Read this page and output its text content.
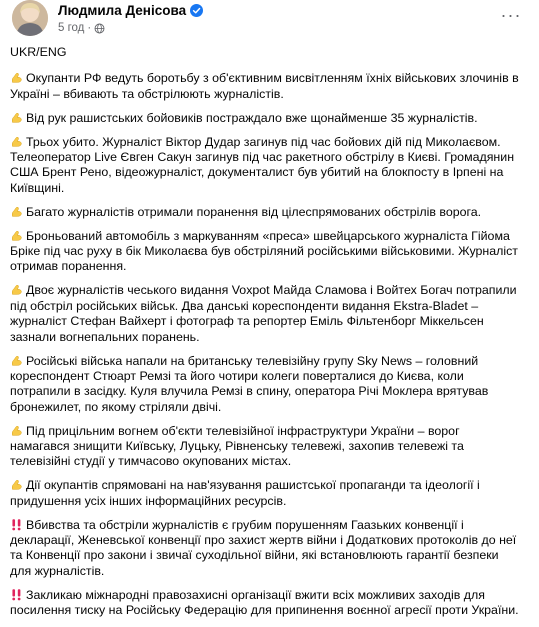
Людмила Денісова
5 год ·
···
UKR/ENG
Окупанти РФ ведуть боротьбу з об'єктивним висвітленням їхніх військових злочинів в Україні – вбивають та обстрілюють журналістів.
Від рук рашистських бойовиків постраждало вже щонайменше 35 журналістів.
Трьох убито. Журналіст Віктор Дудар загинув під час бойових дій під Миколаєвом. Телеоператор Live Євген Сакун загинув під час ракетного обстрілу в Києві. Громадянин США Брент Рено, відеожурналіст, документалист був убитий на блокпосту в Ірпені на Київщині.
Багато журналістів отримали поранення від цілеспрямованих обстрілів ворога.
Броньований автомобіль з маркуванням «преса» швейцарського журналіста Гійома Бріке під час руху в бік Миколаєва був обстріляний російськими військовими. Журналіст отримав поранення.
Двоє журналістів чеського видання Voxpot Майда Сламова і Войтех Богач потрапили під обстріл російських військ. Два данські кореспонденти видання Ekstra-Bladet – журналіст Стефан Вайхерт і фотограф та репортер Еміль Фільтенборг Міккельсен зазнали вогнепальних поранень.
Російські війська напали на британську телевізійну групу Sky News – головний кореспондент Стюарт Ремзі та його чотири колеги поверталися до Києва, коли потрапили в засідку. Куля влучила Ремзі в спину, оператора Річі Моклера врятував бронежилет, по якому стріляли двічі.
Під прицільним вогнем об'єкти телевізійної інфраструктури України – ворог намагався знищити Київську, Луцьку, Рівненську телевежі, захопив телевежі та телевізійні студії у тимчасово окупованих містах.
Дії окупантів спрямовані на нав'язування рашистської пропаганди та ідеології і придушення усіх інших інформаційних ресурсів.
Вбивства та обстріли журналістів є грубим порушенням Гаазьких конвенції і декларації, Женевської конвенції про захист жертв війни і Додаткових протоколів до неї та Конвенції про закони і звичаї суходільної війни, які встановлюють гарантії безпеки для журналістів.
Закликаю міжнародні правозахисні організації вжити всіх можливих заходів для посилення тиску на Російську Федерацію для припинення воєнної агресії проти України.
